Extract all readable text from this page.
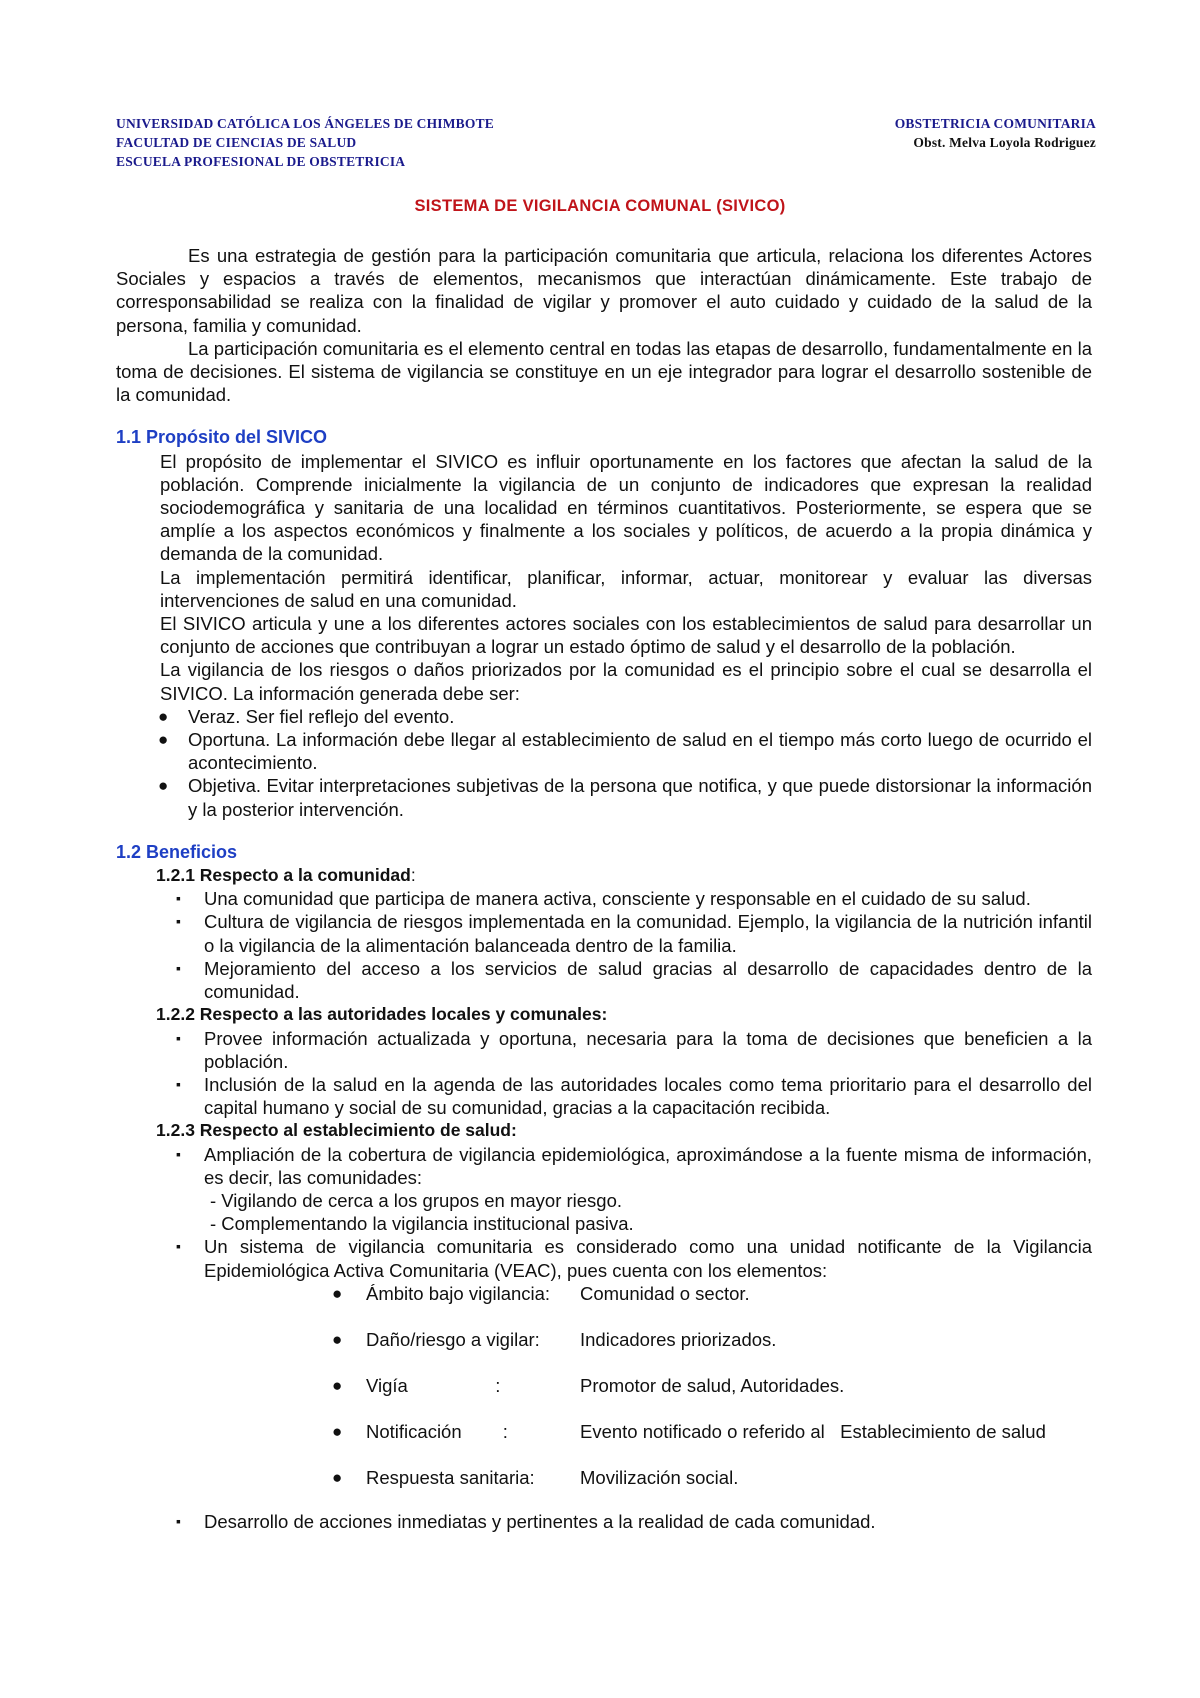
UNIVERSIDAD CATÓLICA LOS ÁNGELES DE CHIMBOTE
FACULTAD DE CIENCIAS DE SALUD
ESCUELA PROFESIONAL DE OBSTETRICIA
OBSTETRICIA COMUNITARIA
Obst. Melva Loyola Rodriguez
SISTEMA DE VIGILANCIA COMUNAL (SIVICO)

Es una estrategia de gestión para la participación comunitaria que articula, relaciona los diferentes Actores Sociales y espacios a través de elementos, mecanismos que interactúan dinámicamente. Este trabajo de corresponsabilidad se realiza con la finalidad de vigilar y promover el auto cuidado y cuidado de la salud de la persona, familia y comunidad.

La participación comunitaria es el elemento central en todas las etapas de desarrollo, fundamentalmente en la toma de decisiones. El sistema de vigilancia se constituye en un eje integrador para lograr el desarrollo sostenible de la comunidad.

1.1 Propósito del SIVICO

El propósito de implementar el SIVICO es influir oportunamente en los factores que afectan la salud de la población. Comprende inicialmente la vigilancia de un conjunto de indicadores que expresan la realidad sociodemográfica y sanitaria de una localidad en términos cuantitativos. Posteriormente, se espera que se amplíe a los aspectos económicos y finalmente a los sociales y políticos, de acuerdo a la propia dinámica y demanda de la comunidad.

La implementación permitirá identificar, planificar, informar, actuar, monitorear y evaluar las diversas intervenciones de salud en una comunidad.

El SIVICO articula y une a los diferentes actores sociales con los establecimientos de salud para desarrollar un conjunto de acciones que contribuyan a lograr un estado óptimo de salud y el desarrollo de la población.

La vigilancia de los riesgos o daños priorizados por la comunidad es el principio sobre el cual se desarrolla el SIVICO. La información generada debe ser:

● Veraz. Ser fiel reflejo del evento.
● Oportuna. La información debe llegar al establecimiento de salud en el tiempo más corto luego de ocurrido el acontecimiento.
● Objetiva. Evitar interpretaciones subjetivas de la persona que notifica, y que puede distorsionar la información y la posterior intervención.
1.2 Beneficios
1.2.1 Respecto a la comunidad:
▪ Una comunidad que participa de manera activa, consciente y responsable en el cuidado de su salud.
▪ Cultura de vigilancia de riesgos implementada en la comunidad. Ejemplo, la vigilancia de la nutrición infantil o la vigilancia de la alimentación balanceada dentro de la familia.
▪ Mejoramiento del acceso a los servicios de salud gracias al desarrollo de capacidades dentro de la comunidad.
1.2.2 Respecto a las autoridades locales y comunales:
▪ Provee información actualizada y oportuna, necesaria para la toma de decisiones que beneficien a la población.
▪ Inclusión de la salud en la agenda de las autoridades locales como tema prioritario para el desarrollo del capital humano y social de su comunidad, gracias a la capacitación recibida.
1.2.3 Respecto al establecimiento de salud:
▪ Ampliación de la cobertura de vigilancia epidemiológica, aproximándose a la fuente misma de información, es decir, las comunidades:
- Vigilando de cerca a los grupos en mayor riesgo.
- Complementando la vigilancia institucional pasiva.
▪ Un sistema de vigilancia comunitaria es considerado como una unidad notificante de la Vigilancia Epidemiológica Activa Comunitaria (VEAC), pues cuenta con los elementos:
● Ámbito bajo vigilancia: Comunidad o sector.
● Daño/riesgo a vigilar: Indicadores priorizados.
● Vigía                 :	Promotor de salud, Autoridades.
● Notificación        :	Evento notificado o referido al   Establecimiento de salud
● Respuesta sanitaria: Movilización social.
▪ Desarrollo de acciones inmediatas y pertinentes a la realidad de cada comunidad.
